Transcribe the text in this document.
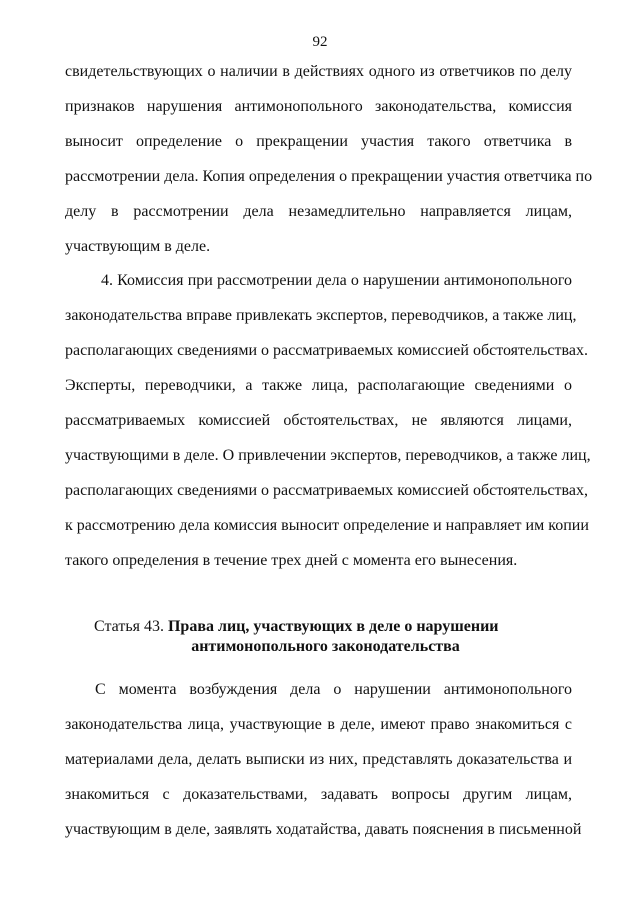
92
свидетельствующих о наличии в действиях одного из ответчиков по делу
признаков нарушения антимонопольного законодательства, комиссия
выносит определение о прекращении участия такого ответчика в
рассмотрении дела. Копия определения о прекращении участия ответчика по
делу в рассмотрении дела незамедлительно направляется лицам,
участвующим в деле.
4. Комиссия при рассмотрении дела о нарушении антимонопольного
законодательства вправе привлекать экспертов, переводчиков, а также лиц,
располагающих сведениями о рассматриваемых комиссией обстоятельствах.
Эксперты, переводчики, а также лица, располагающие сведениями о
рассматриваемых комиссией обстоятельствах, не являются лицами,
участвующими в деле. О привлечении экспертов, переводчиков, а также лиц,
располагающих сведениями о рассматриваемых комиссией обстоятельствах,
к рассмотрению дела комиссия выносит определение и направляет им копии
такого определения в течение трех дней с момента его вынесения.
Статья 43. Права лиц, участвующих в деле о нарушении
антимонопольного законодательства
С момента возбуждения дела о нарушении антимонопольного
законодательства лица, участвующие в деле, имеют право знакомиться с
материалами дела, делать выписки из них, представлять доказательства и
знакомиться с доказательствами, задавать вопросы другим лицам,
участвующим в деле, заявлять ходатайства, давать пояснения в письменной
